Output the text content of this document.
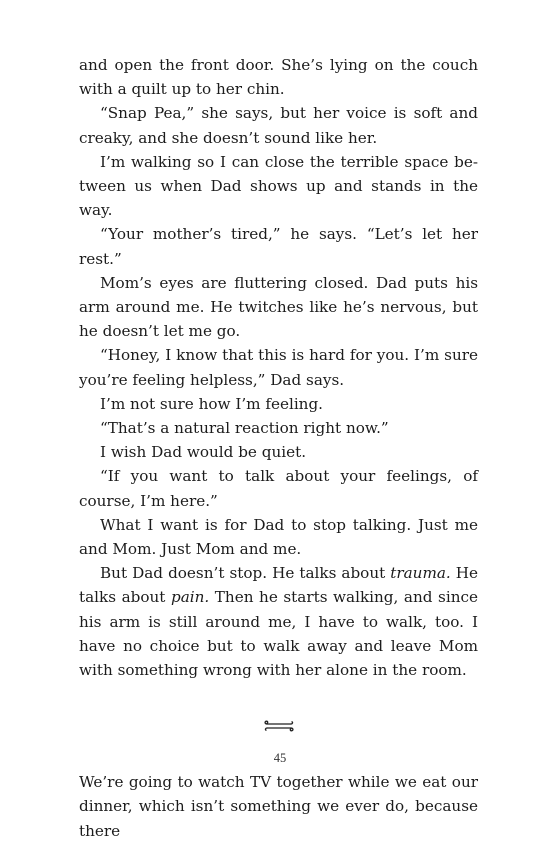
and open the front door. She’s lying on the couch with a quilt up to her chin.

“Snap Pea,” she says, but her voice is soft and creaky, and she doesn’t sound like her.

I’m walking so I can close the terrible space between us when Dad shows up and stands in the way.

“Your mother’s tired,” he says. “Let’s let her rest.”

Mom’s eyes are fluttering closed. Dad puts his arm around me. He twitches like he’s nervous, but he doesn’t let me go.

“Honey, I know that this is hard for you. I’m sure you’re feeling helpless,” Dad says.

I’m not sure how I’m feeling.

“That’s a natural reaction right now.”

I wish Dad would be quiet.

“If you want to talk about your feelings, of course, I’m here.”

What I want is for Dad to stop talking. Just me and Mom. Just Mom and me.

But Dad doesn’t stop. He talks about trauma. He talks about pain. Then he starts walking, and since his arm is still around me, I have to walk, too. I have no choice but to walk away and leave Mom with something wrong with her alone in the room.

We’re going to watch TV together while we eat our dinner, which isn’t something we ever do, because there

45
